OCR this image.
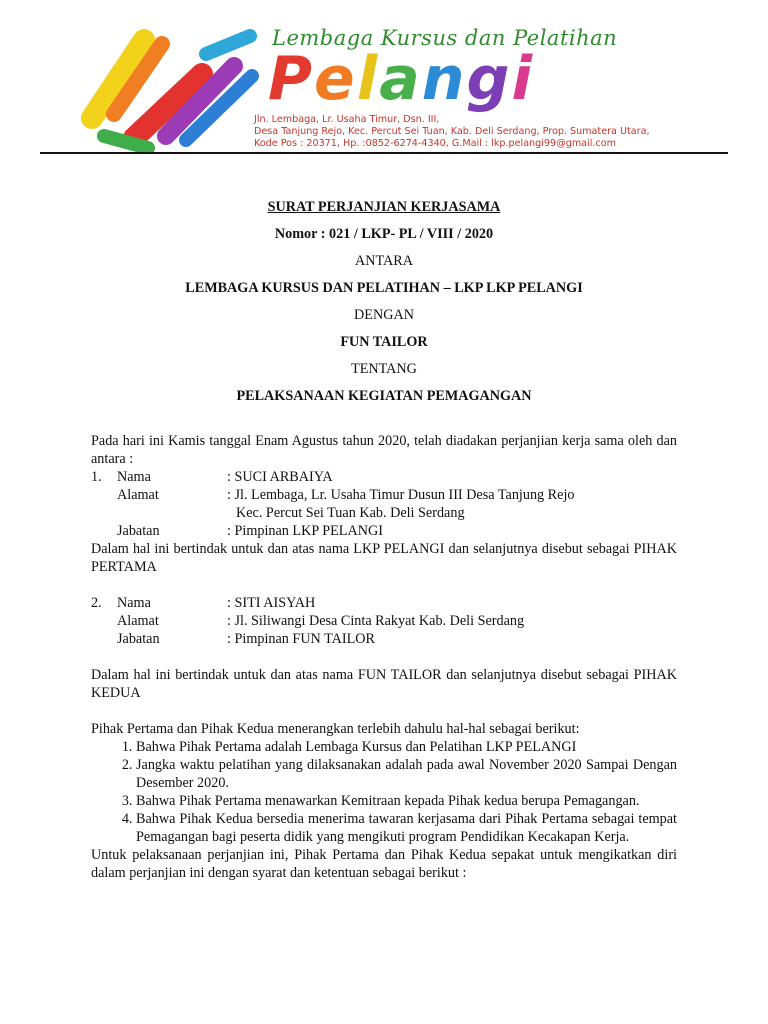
Lembaga Kursus dan Pelatihan
Pelangi
Jln. Lembaga, Lr. Usaha Timur, Dsn. III,
Desa Tanjung Rejo, Kec. Percut Sei Tuan, Kab. Deli Serdang, Prop. Sumatera Utara,
Kode Pos : 20371, Hp. :0852-6274-4340, G.Mail : lkp.pelangi99@gmail.com

SURAT PERJANJIAN KERJASAMA

Nomor : 021 / LKP- PL / VIII / 2020

ANTARA

LEMBAGA KURSUS DAN PELATIHAN – LKP LKP PELANGI

DENGAN

FUN TAILOR

TENTANG

PELAKSANAAN KEGIATAN PEMAGANGAN

Pada hari ini Kamis tanggal Enam Agustus tahun 2020, telah diadakan perjanjian kerja sama oleh dan antara :

1.	Nama	: SUCI ARBAIYA
Alamat	: Jl. Lembaga, Lr. Usaha Timur Dusun III Desa Tanjung Rejo
Kec. Percut Sei Tuan Kab. Deli Serdang
Jabatan	: Pimpinan LKP PELANGI

Dalam hal ini bertindak untuk dan atas nama LKP PELANGI dan selanjutnya disebut sebagai PIHAK PERTAMA

2.	Nama	: SITI AISYAH
Alamat	: Jl. Siliwangi Desa Cinta Rakyat Kab. Deli Serdang
Jabatan	: Pimpinan FUN TAILOR

Dalam hal ini bertindak untuk dan atas nama FUN TAILOR dan selanjutnya disebut sebagai PIHAK KEDUA

Pihak Pertama dan Pihak Kedua menerangkan terlebih dahulu hal-hal sebagai berikut:

1. Bahwa Pihak Pertama adalah Lembaga Kursus dan Pelatihan LKP PELANGI
2. Jangka waktu pelatihan yang dilaksanakan adalah pada awal November 2020 Sampai Dengan Desember 2020.
3. Bahwa Pihak Pertama menawarkan Kemitraan kepada Pihak kedua berupa Pemagangan.
4. Bahwa Pihak Kedua bersedia menerima tawaran kerjasama dari Pihak Pertama sebagai tempat Pemagangan bagi peserta didik yang mengikuti program Pendidikan Kecakapan Kerja.

Untuk pelaksanaan perjanjian ini, Pihak Pertama dan Pihak Kedua sepakat untuk mengikatkan diri dalam perjanjian ini dengan syarat dan ketentuan sebagai berikut :
